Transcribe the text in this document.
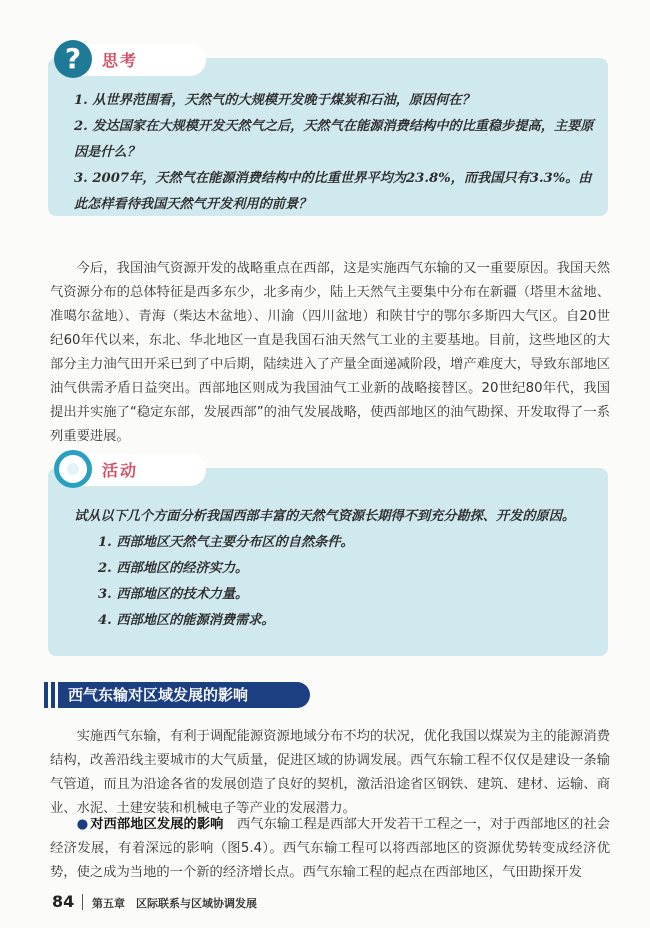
?	思考

1. 从世界范围看，天然气的大规模开发晚于煤炭和石油，原因何在？

2. 发达国家在大规模开发天然气之后，天然气在能源消费结构中的比重稳步提高，主要原因是什么？

3. 2007年，天然气在能源消费结构中的比重世界平均为23.8%，而我国只有3.3%。由此怎样看待我国天然气开发利用的前景？

今后，我国油气资源开发的战略重点在西部，这是实施西气东输的又一重要原因。我国天然气资源分布的总体特征是西多东少，北多南少，陆上天然气主要集中分布在新疆（塔里木盆地、准噶尔盆地）、青海（柴达木盆地）、川渝（四川盆地）和陕甘宁的鄂尔多斯四大气区。自20世纪60年代以来，东北、华北地区一直是我国石油天然气工业的主要基地。目前，这些地区的大部分主力油气田开采已到了中后期，陆续进入了产量全面递减阶段，增产难度大，导致东部地区油气供需矛盾日益突出。西部地区则成为我国油气工业新的战略接替区。20世纪80年代，我国提出并实施了“稳定东部，发展西部”的油气发展战略，使西部地区的油气勘探、开发取得了一系列重要进展。

活动

试从以下几个方面分析我国西部丰富的天然气资源长期得不到充分勘探、开发的原因。

1. 西部地区天然气主要分布区的自然条件。

2. 西部地区的经济实力。

3. 西部地区的技术力量。

4. 西部地区的能源消费需求。

西气东输对区域发展的影响

实施西气东输，有利于调配能源资源地域分布不均的状况，优化我国以煤炭为主的能源消费结构，改善沿线主要城市的大气质量，促进区域的协调发展。西气东输工程不仅仅是建设一条输气管道，而且为沿途各省的发展创造了良好的契机，激活沿途省区钢铁、建筑、建材、运输、商业、水泥、土建安装和机械电子等产业的发展潜力。

● 对西部地区发展的影响　西气东输工程是西部大开发若干工程之一，对于西部地区的社会经济发展，有着深远的影响（图5.4）。西气东输工程可以将西部地区的资源优势转变成经济优势，使之成为当地的一个新的经济增长点。西气东输工程的起点在西部地区，气田勘探开发

84 第五章　区际联系与区域协调发展
